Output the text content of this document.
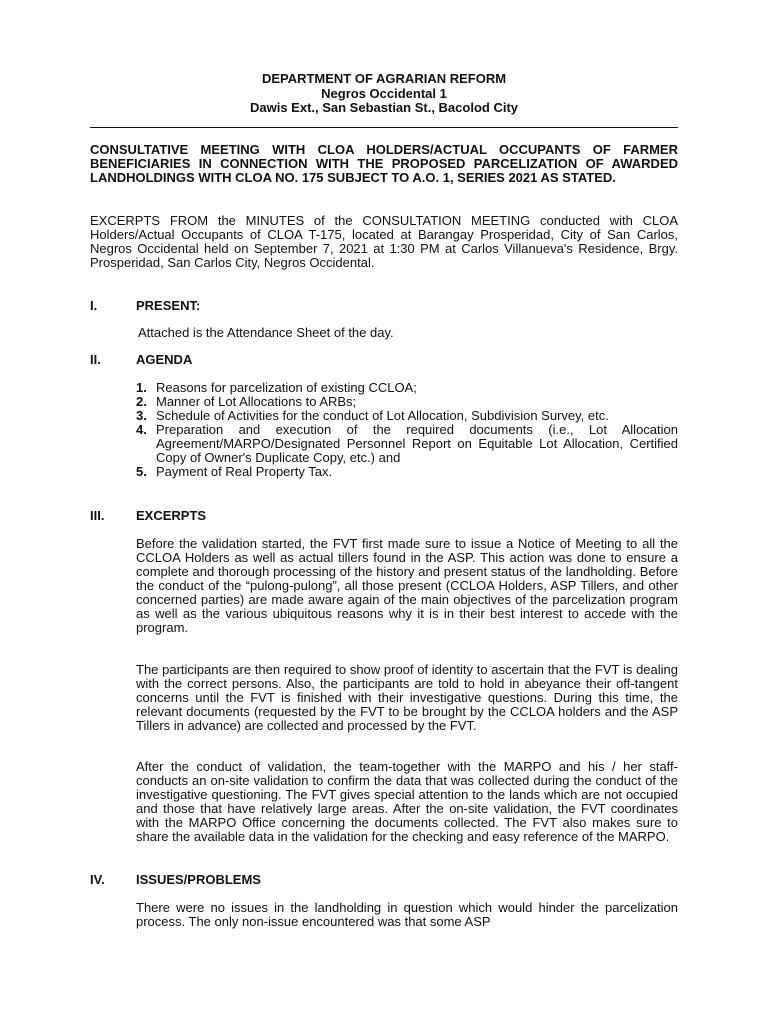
DEPARTMENT OF AGRARIAN REFORM
Negros Occidental 1
Dawis Ext., San Sebastian St., Bacolod City
CONSULTATIVE MEETING WITH CLOA HOLDERS/ACTUAL OCCUPANTS OF FARMER BENEFICIARIES IN CONNECTION WITH THE PROPOSED PARCELIZATION OF AWARDED LANDHOLDINGS WITH CLOA NO. 175 SUBJECT TO A.O. 1, SERIES 2021 AS STATED.
EXCERPTS FROM the MINUTES of the CONSULTATION MEETING conducted with CLOA Holders/Actual Occupants of CLOA T-175, located at Barangay Prosperidad, City of San Carlos, Negros Occidental held on September 7, 2021 at 1:30 PM at Carlos Villanueva's Residence, Brgy. Prosperidad, San Carlos City, Negros Occidental.
I.	PRESENT:
Attached is the Attendance Sheet of the day.
II.	AGENDA
1. Reasons for parcelization of existing CCLOA;
2. Manner of Lot Allocations to ARBs;
3. Schedule of Activities for the conduct of Lot Allocation, Subdivision Survey, etc.
4. Preparation and execution of the required documents (i.e., Lot Allocation Agreement/MARPO/Designated Personnel Report on Equitable Lot Allocation, Certified Copy of Owner's Duplicate Copy, etc.) and
5. Payment of Real Property Tax.
III. EXCERPTS
Before the validation started, the FVT first made sure to issue a Notice of Meeting to all the CCLOA Holders as well as actual tillers found in the ASP. This action was done to ensure a complete and thorough processing of the history and present status of the landholding. Before the conduct of the “pulong-pulong”, all those present (CCLOA Holders, ASP Tillers, and other concerned parties) are made aware again of the main objectives of the parcelization program as well as the various ubiquitous reasons why it is in their best interest to accede with the program.
The participants are then required to show proof of identity to ascertain that the FVT is dealing with the correct persons. Also, the participants are told to hold in abeyance their off-tangent concerns until the FVT is finished with their investigative questions. During this time, the relevant documents (requested by the FVT to be brought by the CCLOA holders and the ASP Tillers in advance) are collected and processed by the FVT.
After the conduct of validation, the team-together with the MARPO and his / her staff- conducts an on-site validation to confirm the data that was collected during the conduct of the investigative questioning. The FVT gives special attention to the lands which are not occupied and those that have relatively large areas. After the on-site validation, the FVT coordinates with the MARPO Office concerning the documents collected. The FVT also makes sure to share the available data in the validation for the checking and easy reference of the MARPO.
IV. ISSUES/PROBLEMS
There were no issues in the landholding in question which would hinder the parcelization process. The only non-issue encountered was that some ASP
